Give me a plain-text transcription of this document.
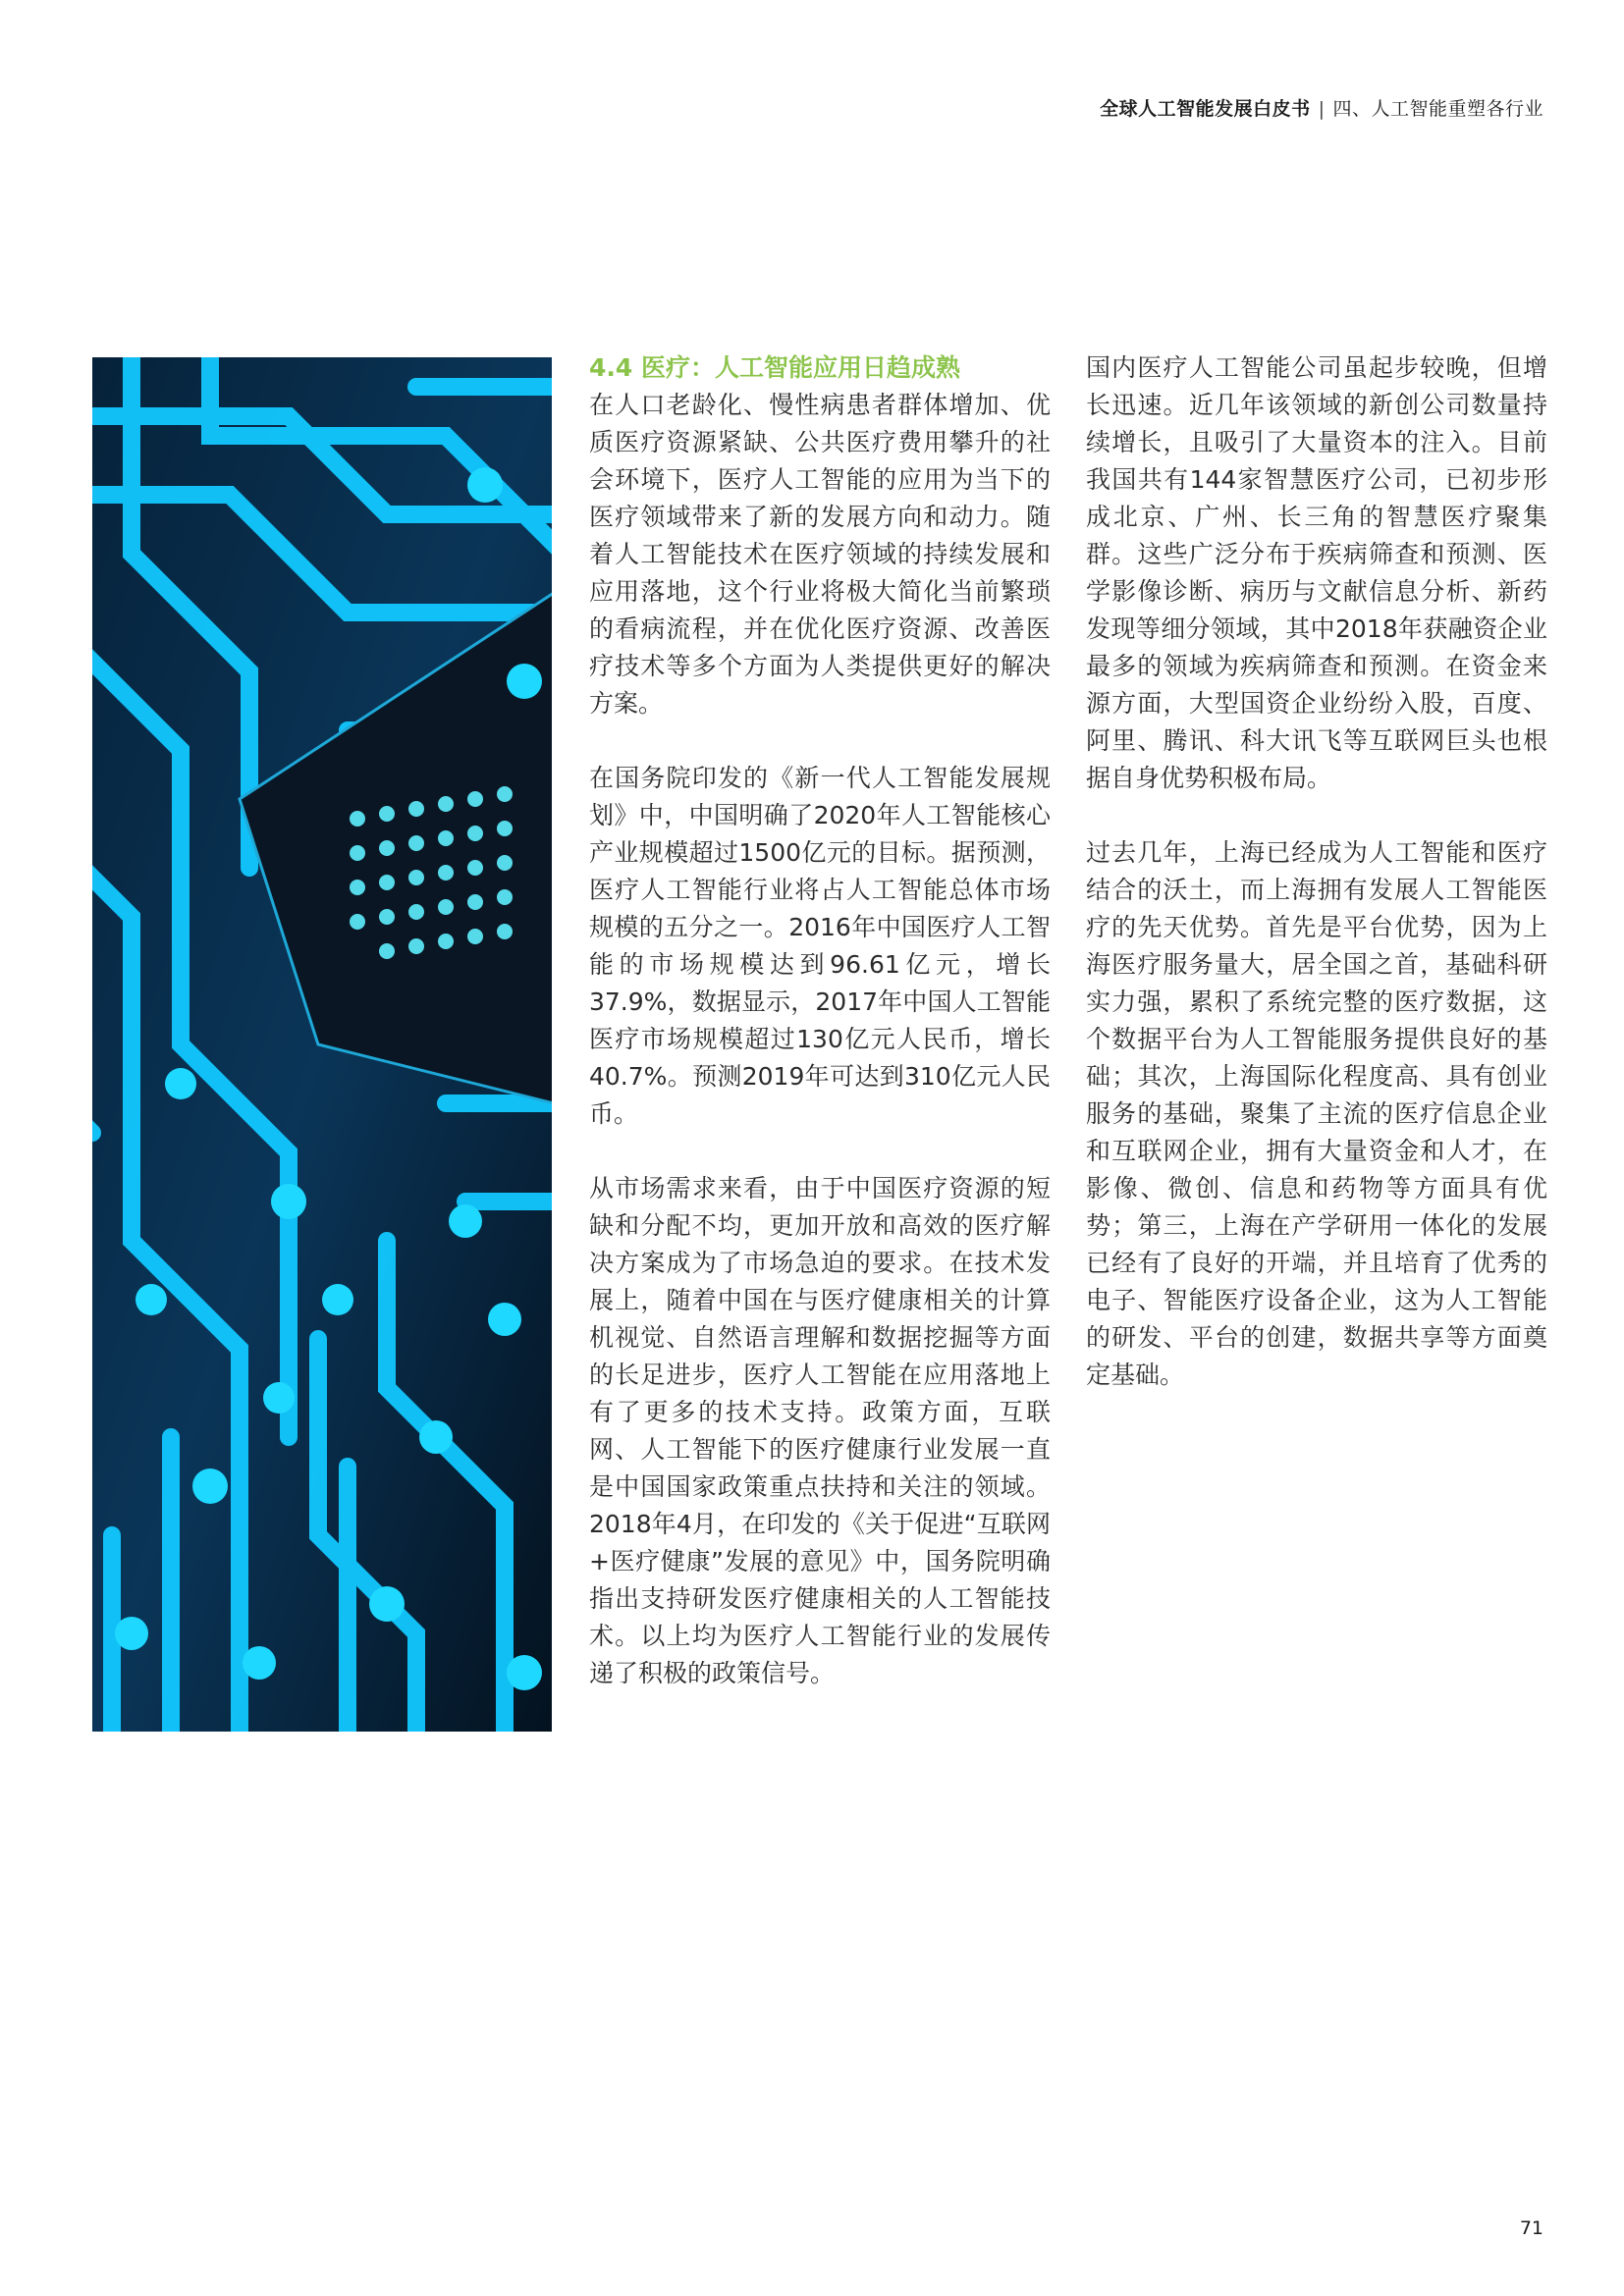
全球人工智能发展白皮书 | 四、人工智能重塑各行业
4.4 医疗：人工智能应用日趋成熟

在人口老龄化、慢性病患者群体增加、优质医疗资源紧缺、公共医疗费用攀升的社会环境下，医疗人工智能的应用为当下的医疗领域带来了新的发展方向和动力。随着人工智能技术在医疗领域的持续发展和应用落地，这个行业将极大简化当前繁琐的看病流程，并在优化医疗资源、改善医疗技术等多个方面为人类提供更好的解决方案。

在国务院印发的《新一代人工智能发展规划》中，中国明确了2020年人工智能核心产业规模超过1500亿元的目标。据预测，医疗人工智能行业将占人工智能总体市场规模的五分之一。2016年中国医疗人工智能的市场规模达到96.61亿元，增长37.9%，数据显示，2017年中国人工智能医疗市场规模超过130亿元人民币，增长40.7%。预测2019年可达到310亿元人民币。

从市场需求来看，由于中国医疗资源的短缺和分配不均，更加开放和高效的医疗解决方案成为了市场急迫的要求。在技术发展上，随着中国在与医疗健康相关的计算机视觉、自然语言理解和数据挖掘等方面的长足进步，医疗人工智能在应用落地上有了更多的技术支持。政策方面，互联网、人工智能下的医疗健康行业发展一直是中国国家政策重点扶持和关注的领域。2018年4月，在印发的《关于促进“互联网+医疗健康”发展的意见》中，国务院明确指出支持研发医疗健康相关的人工智能技术。以上均为医疗人工智能行业的发展传递了积极的政策信号。

国内医疗人工智能公司虽起步较晚，但增长迅速。近几年该领域的新创公司数量持续增长，且吸引了大量资本的注入。目前我国共有144家智慧医疗公司，已初步形成北京、广州、长三角的智慧医疗聚集群。这些广泛分布于疾病筛查和预测、医学影像诊断、病历与文献信息分析、新药发现等细分领域，其中2018年获融资企业最多的领域为疾病筛查和预测。在资金来源方面，大型国资企业纷纷入股，百度、阿里、腾讯、科大讯飞等互联网巨头也根据自身优势积极布局。

过去几年，上海已经成为人工智能和医疗结合的沃土，而上海拥有发展人工智能医疗的先天优势。首先是平台优势，因为上海医疗服务量大，居全国之首，基础科研实力强，累积了系统完整的医疗数据，这个数据平台为人工智能服务提供良好的基础；其次，上海国际化程度高、具有创业服务的基础，聚集了主流的医疗信息企业和互联网企业，拥有大量资金和人才，在影像、微创、信息和药物等方面具有优势；第三，上海在产学研用一体化的发展已经有了良好的开端，并且培育了优秀的电子、智能医疗设备企业，这为人工智能的研发、平台的创建，数据共享等方面奠定基础。

71
